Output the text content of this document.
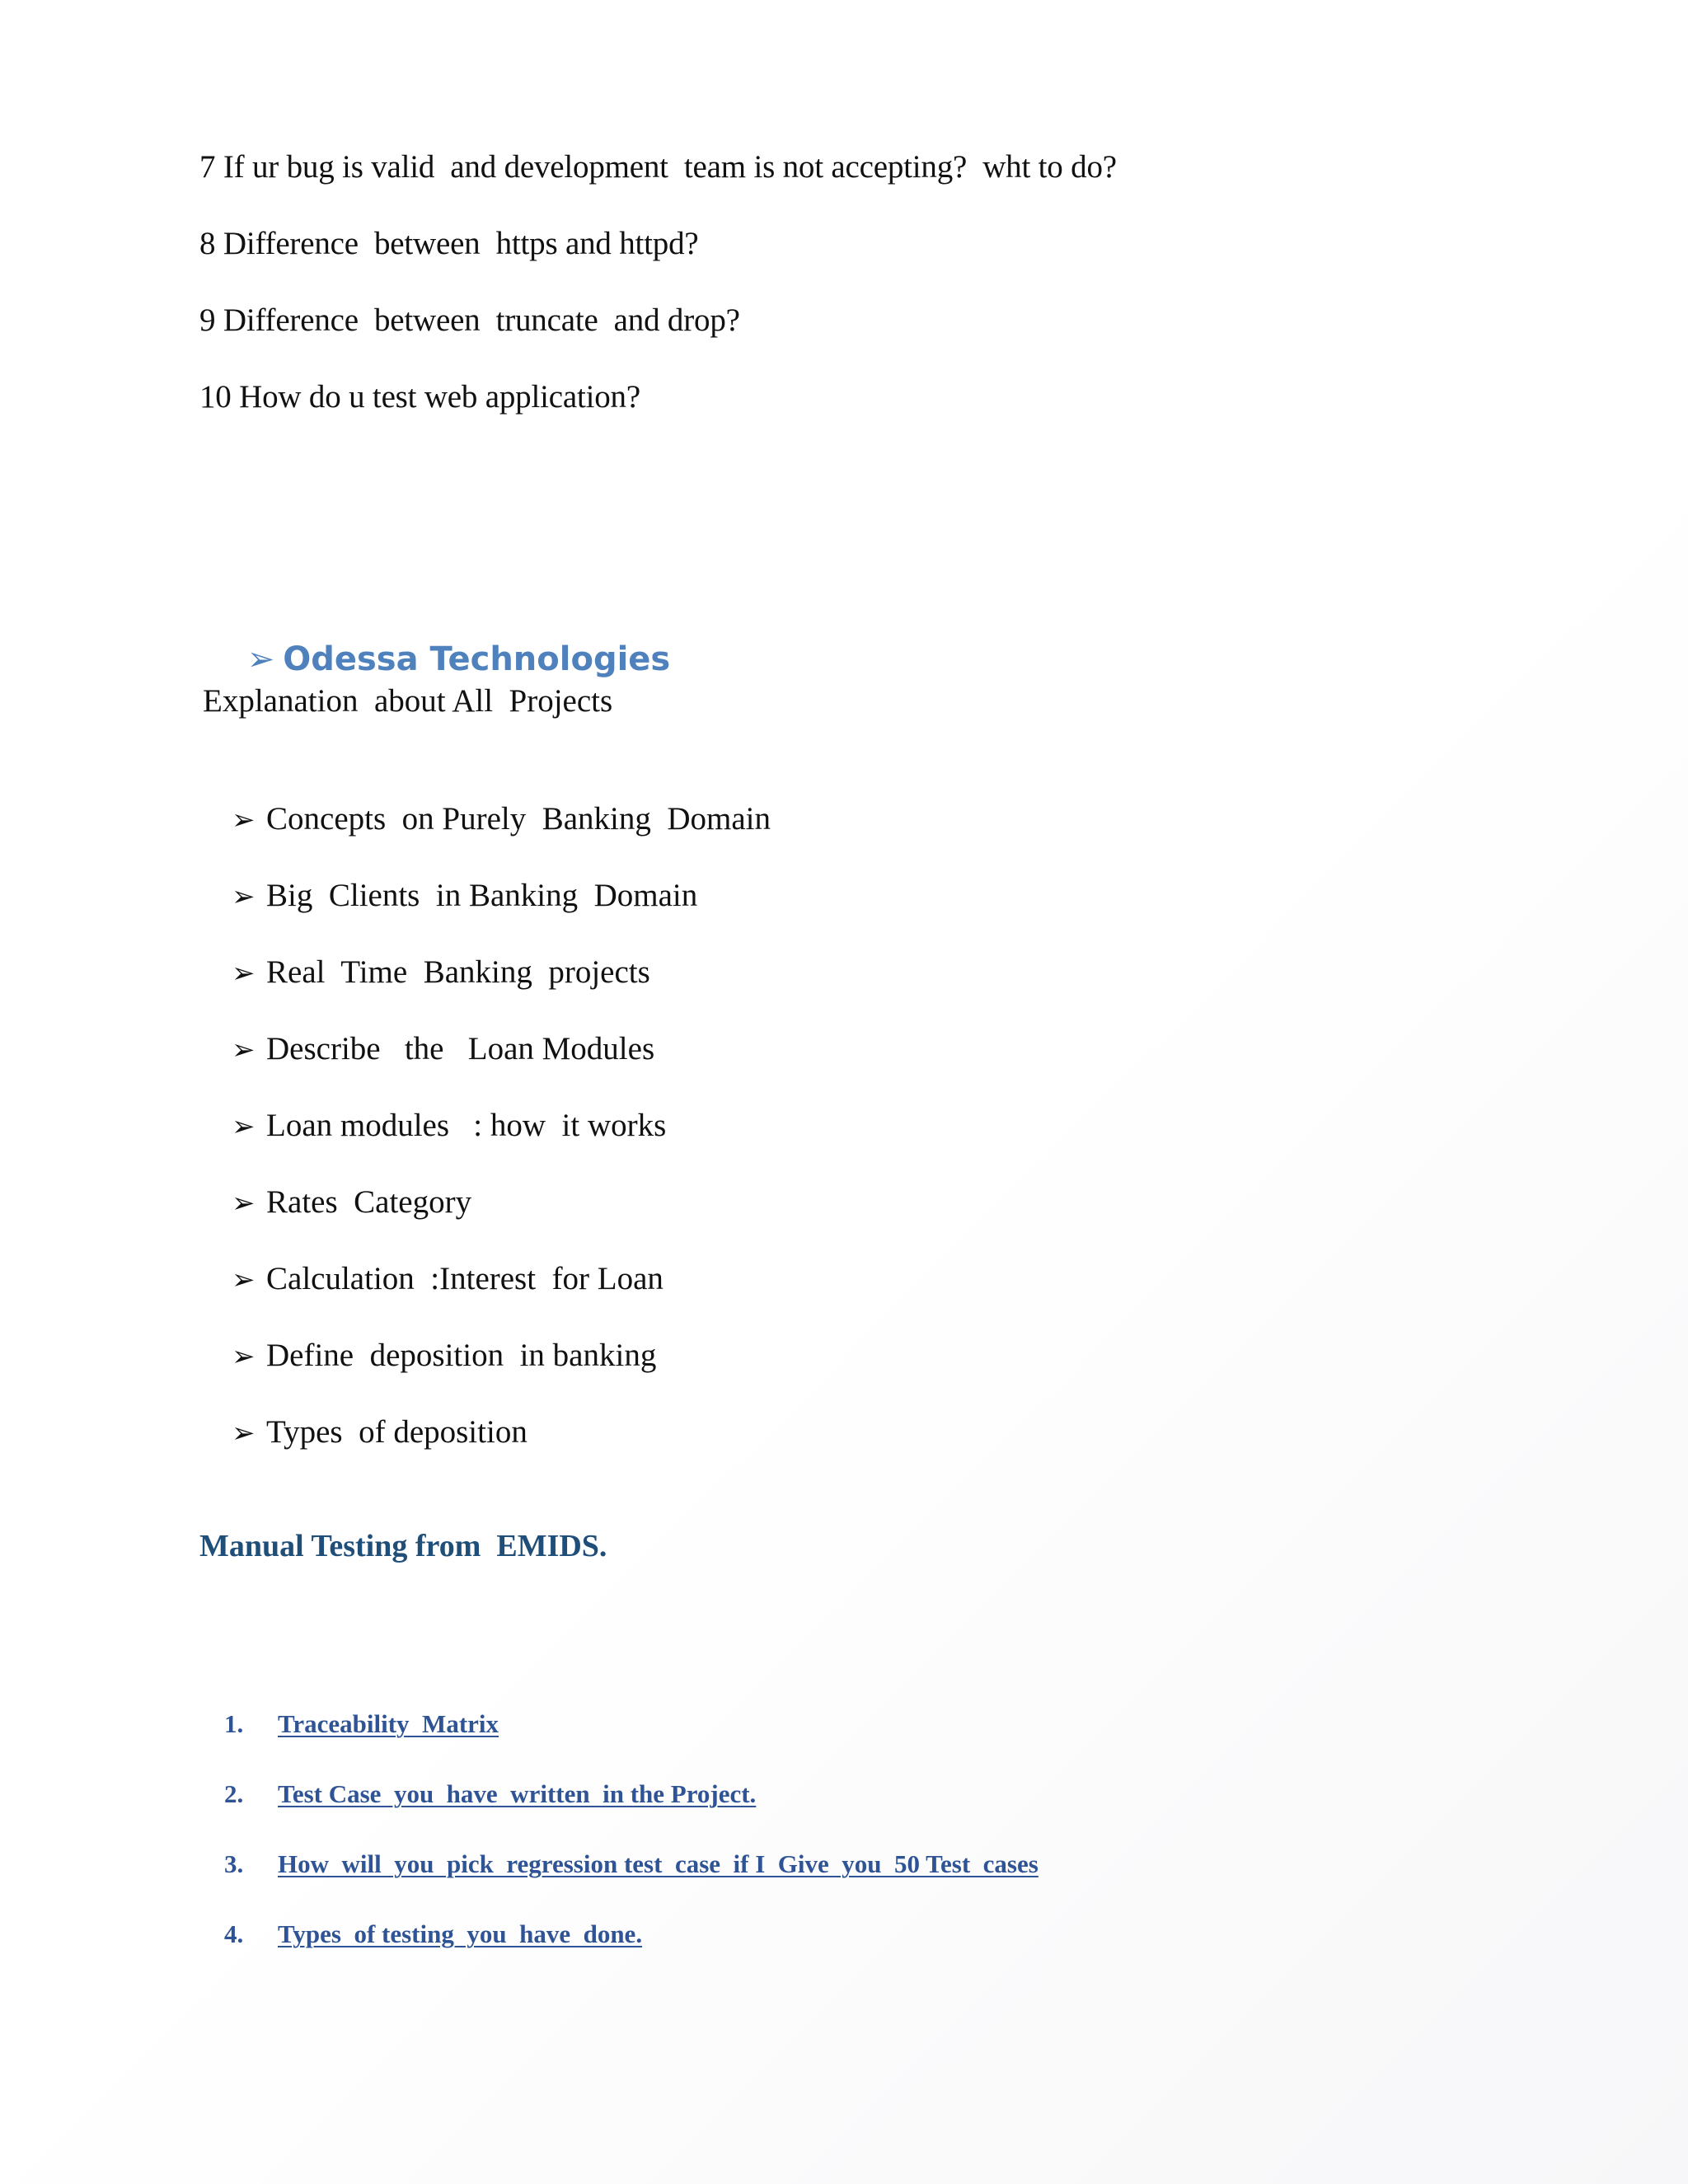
7 If ur bug is valid  and development  team is not accepting?  wht to do?
8 Difference  between  https and httpd?
9 Difference  between  truncate  and drop?
10 How do u test web application?

➢ Odessa Technologies

Explanation  about All  Projects

➢ Concepts  on Purely  Banking  Domain

➢ Big  Clients  in Banking  Domain

➢ Real  Time  Banking  projects

➢ Describe   the   Loan Modules

➢ Loan modules   : how  it works

➢ Rates  Category

➢ Calculation  :Interest  for Loan

➢ Define  deposition  in banking

➢ Types  of deposition

Manual Testing from  EMIDS.

1. Traceability  Matrix

2. Test Case  you  have  written  in the Project.

3. How  will  you  pick  regression test  case  if I  Give  you  50 Test  cases

4. Types  of testing  you  have  done.
